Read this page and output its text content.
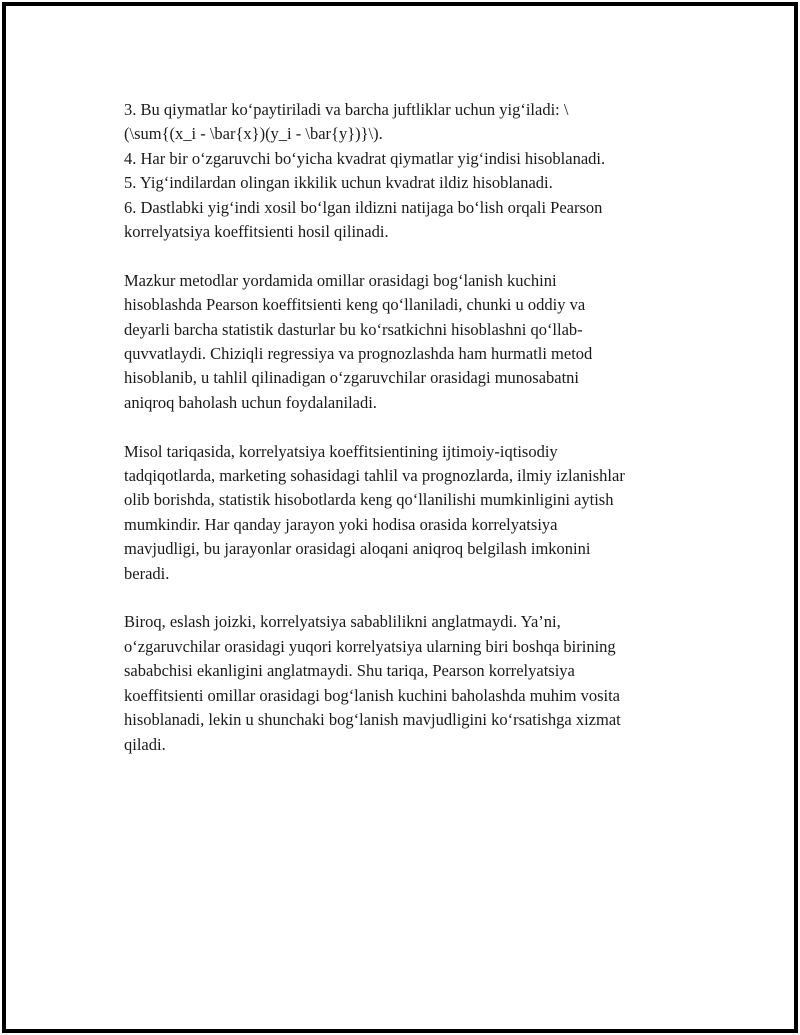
3. Bu qiymatlar ko‘paytiriladi va barcha juftliklar uchun yig‘iladi: \
(\sum{(x_i - \bar{x})(y_i - \bar{y})}\).
4. Har bir o‘zgaruvchi bo‘yicha kvadrat qiymatlar yig‘indisi hisoblanadi.
5. Yig‘indilardan olingan ikkilik uchun kvadrat ildiz hisoblanadi.
6. Dastlabki yig‘indi xosil bo‘lgan ildizni natijaga bo‘lish orqali Pearson
korrelyatsiya koeffitsienti hosil qilinadi.
Mazkur metodlar yordamida omillar orasidagi bog‘lanish kuchini
hisoblashda Pearson koeffitsienti keng qo‘llaniladi, chunki u oddiy va
deyarli barcha statistik dasturlar bu ko‘rsatkichni hisoblashni qo‘llab-
quvvatlaydi. Chiziqli regressiya va prognozlashda ham hurmatli metod
hisoblanib, u tahlil qilinadigan o‘zgaruvchilar orasidagi munosabatni
aniqroq baholash uchun foydalaniladi.
Misol tariqasida, korrelyatsiya koeffitsientining ijtimoiy-iqtisodiy
tadqiqotlarda, marketing sohasidagi tahlil va prognozlarda, ilmiy izlanishlar
olib borishda, statistik hisobotlarda keng qo‘llanilishi mumkinligini aytish
mumkindir. Har qanday jarayon yoki hodisa orasida korrelyatsiya
mavjudligi, bu jarayonlar orasidagi aloqani aniqroq belgilash imkonini
beradi.
Biroq, eslash joizki, korrelyatsiya sabablilikni anglatmaydi. Ya’ni,
o‘zgaruvchilar orasidagi yuqori korrelyatsiya ularning biri boshqa birining
sababchisi ekanligini anglatmaydi. Shu tariqa, Pearson korrelyatsiya
koeffitsienti omillar orasidagi bog‘lanish kuchini baholashda muhim vosita
hisoblanadi, lekin u shunchaki bog‘lanish mavjudligini ko‘rsatishga xizmat
qiladi.
